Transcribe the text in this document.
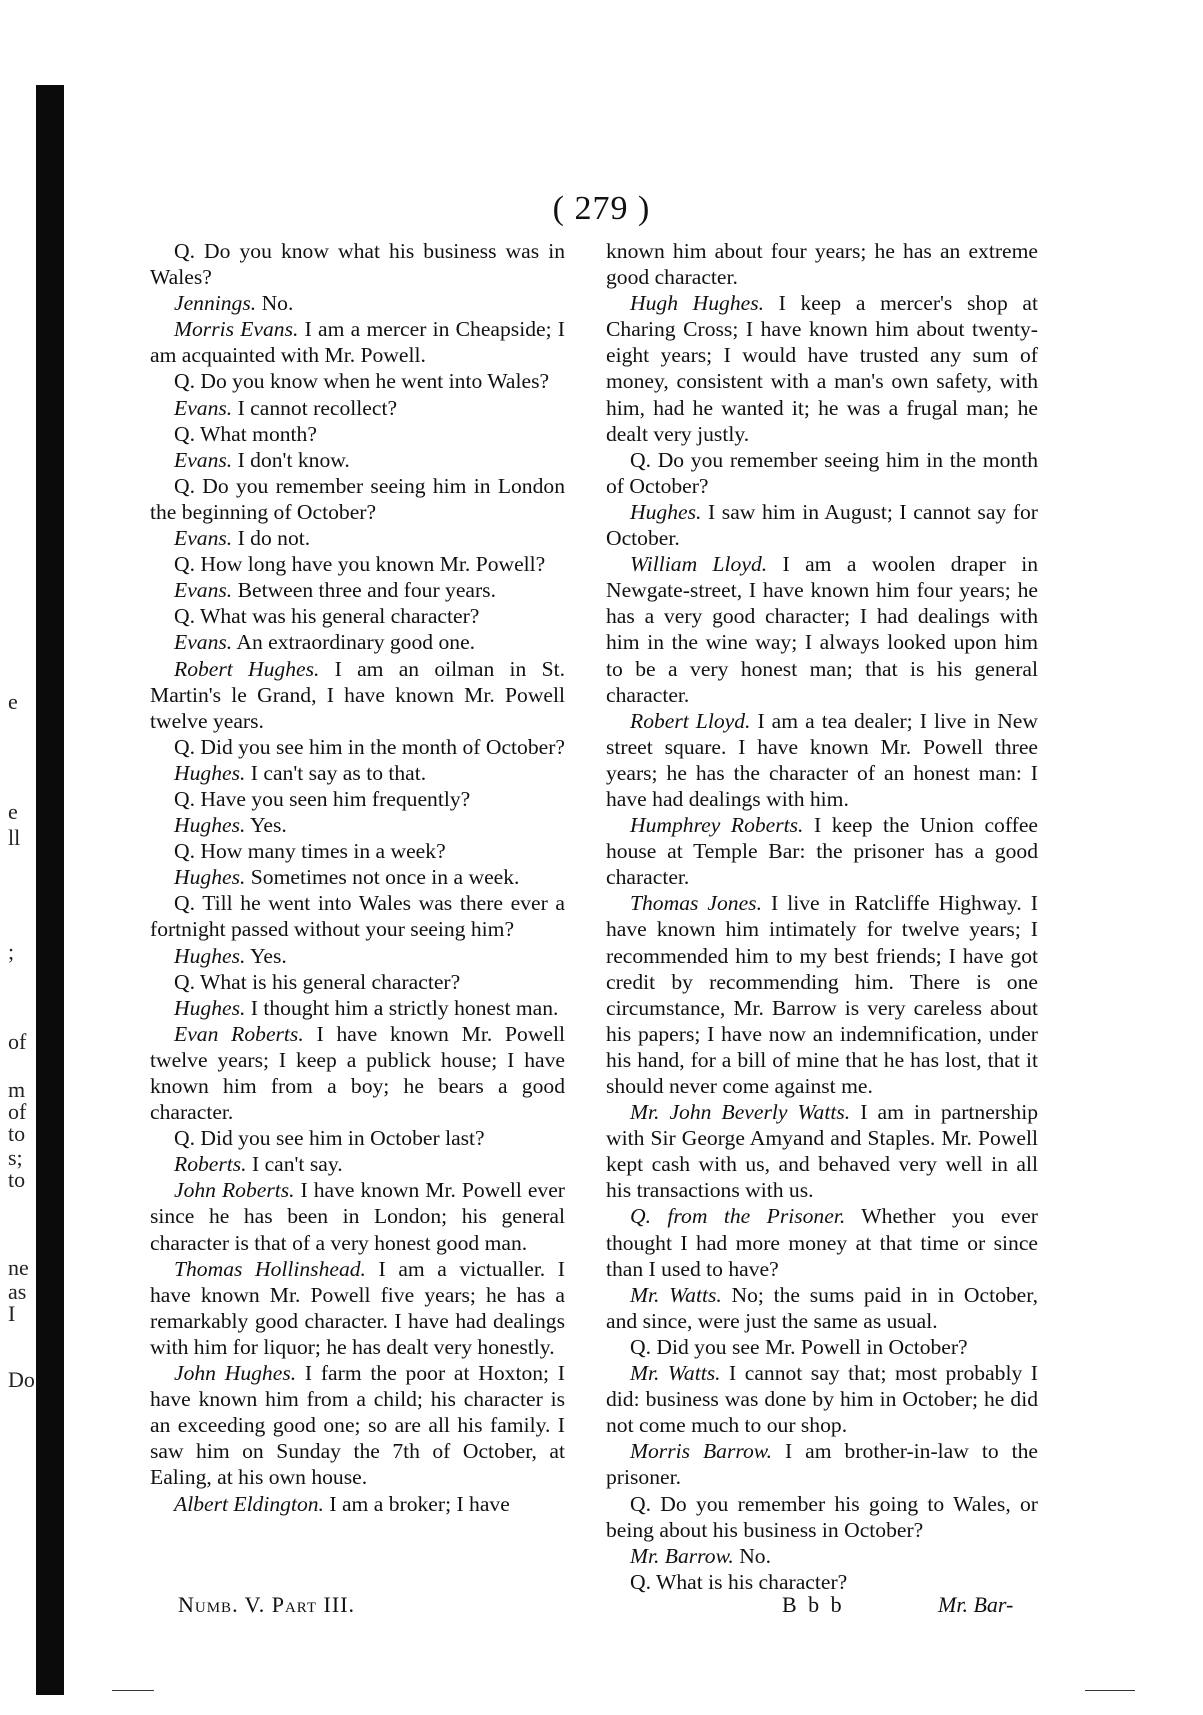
e
e
ll
;
of
m
of
to
s;
to
ne
as
I
Do
( 279 )

Q. Do you know what his business was in Wales?

Jennings. No.

Morris Evans. I am a mercer in Cheapside; I am acquainted with Mr. Powell.

Q. Do you know when he went into Wales?

Evans. I cannot recollect?

Q. What month?

Evans. I don't know.

Q. Do you remember seeing him in London the beginning of October?

Evans. I do not.

Q. How long have you known Mr. Powell?

Evans. Between three and four years.

Q. What was his general character?

Evans. An extraordinary good one.

Robert Hughes. I am an oilman in St. Martin's le Grand, I have known Mr. Powell twelve years.

Q. Did you see him in the month of October?

Hughes. I can't say as to that.

Q. Have you seen him frequently?

Hughes. Yes.

Q. How many times in a week?

Hughes. Sometimes not once in a week.

Q. Till he went into Wales was there ever a fortnight passed without your seeing him?

Hughes. Yes.

Q. What is his general character?

Hughes. I thought him a strictly honest man.

Evan Roberts. I have known Mr. Powell twelve years; I keep a publick house; I have known him from a boy; he bears a good character.

Q. Did you see him in October last?

Roberts. I can't say.

John Roberts. I have known Mr. Powell ever since he has been in London; his general character is that of a very honest good man.

Thomas Hollinshead. I am a victualler. I have known Mr. Powell five years; he has a remarkably good character. I have had dealings with him for liquor; he has dealt very honestly.

John Hughes. I farm the poor at Hoxton; I have known him from a child; his character is an exceeding good one; so are all his family. I saw him on Sunday the 7th of October, at Ealing, at his own house.

Albert Eldington. I am a broker; I have

known him about four years; he has an extreme good character.

Hugh Hughes. I keep a mercer's shop at Charing Cross; I have known him about twenty-eight years; I would have trusted any sum of money, consistent with a man's own safety, with him, had he wanted it; he was a frugal man; he dealt very justly.

Q. Do you remember seeing him in the month of October?

Hughes. I saw him in August; I cannot say for October.

William Lloyd. I am a woolen draper in Newgate-street, I have known him four years; he has a very good character; I had dealings with him in the wine way; I always looked upon him to be a very honest man; that is his general character.

Robert Lloyd. I am a tea dealer; I live in New street square. I have known Mr. Powell three years; he has the character of an honest man: I have had dealings with him.

Humphrey Roberts. I keep the Union coffee house at Temple Bar: the prisoner has a good character.

Thomas Jones. I live in Ratcliffe Highway. I have known him intimately for twelve years; I recommended him to my best friends; I have got credit by recommending him. There is one circumstance, Mr. Barrow is very careless about his papers; I have now an indemnification, under his hand, for a bill of mine that he has lost, that it should never come against me.

Mr. John Beverly Watts. I am in partnership with Sir George Amyand and Staples. Mr. Powell kept cash with us, and behaved very well in all his transactions with us.

Q. from the Prisoner. Whether you ever thought I had more money at that time or since than I used to have?

Mr. Watts. No; the sums paid in in October, and since, were just the same as usual.

Q. Did you see Mr. Powell in October?

Mr. Watts. I cannot say that; most probably I did: business was done by him in October; he did not come much to our shop.

Morris Barrow. I am brother-in-law to the prisoner.

Q. Do you remember his going to Wales, or being about his business in October?

Mr. Barrow. No.

Q. What is his character?

Numb. V. Part III.	B b b	Mr. Bar-
